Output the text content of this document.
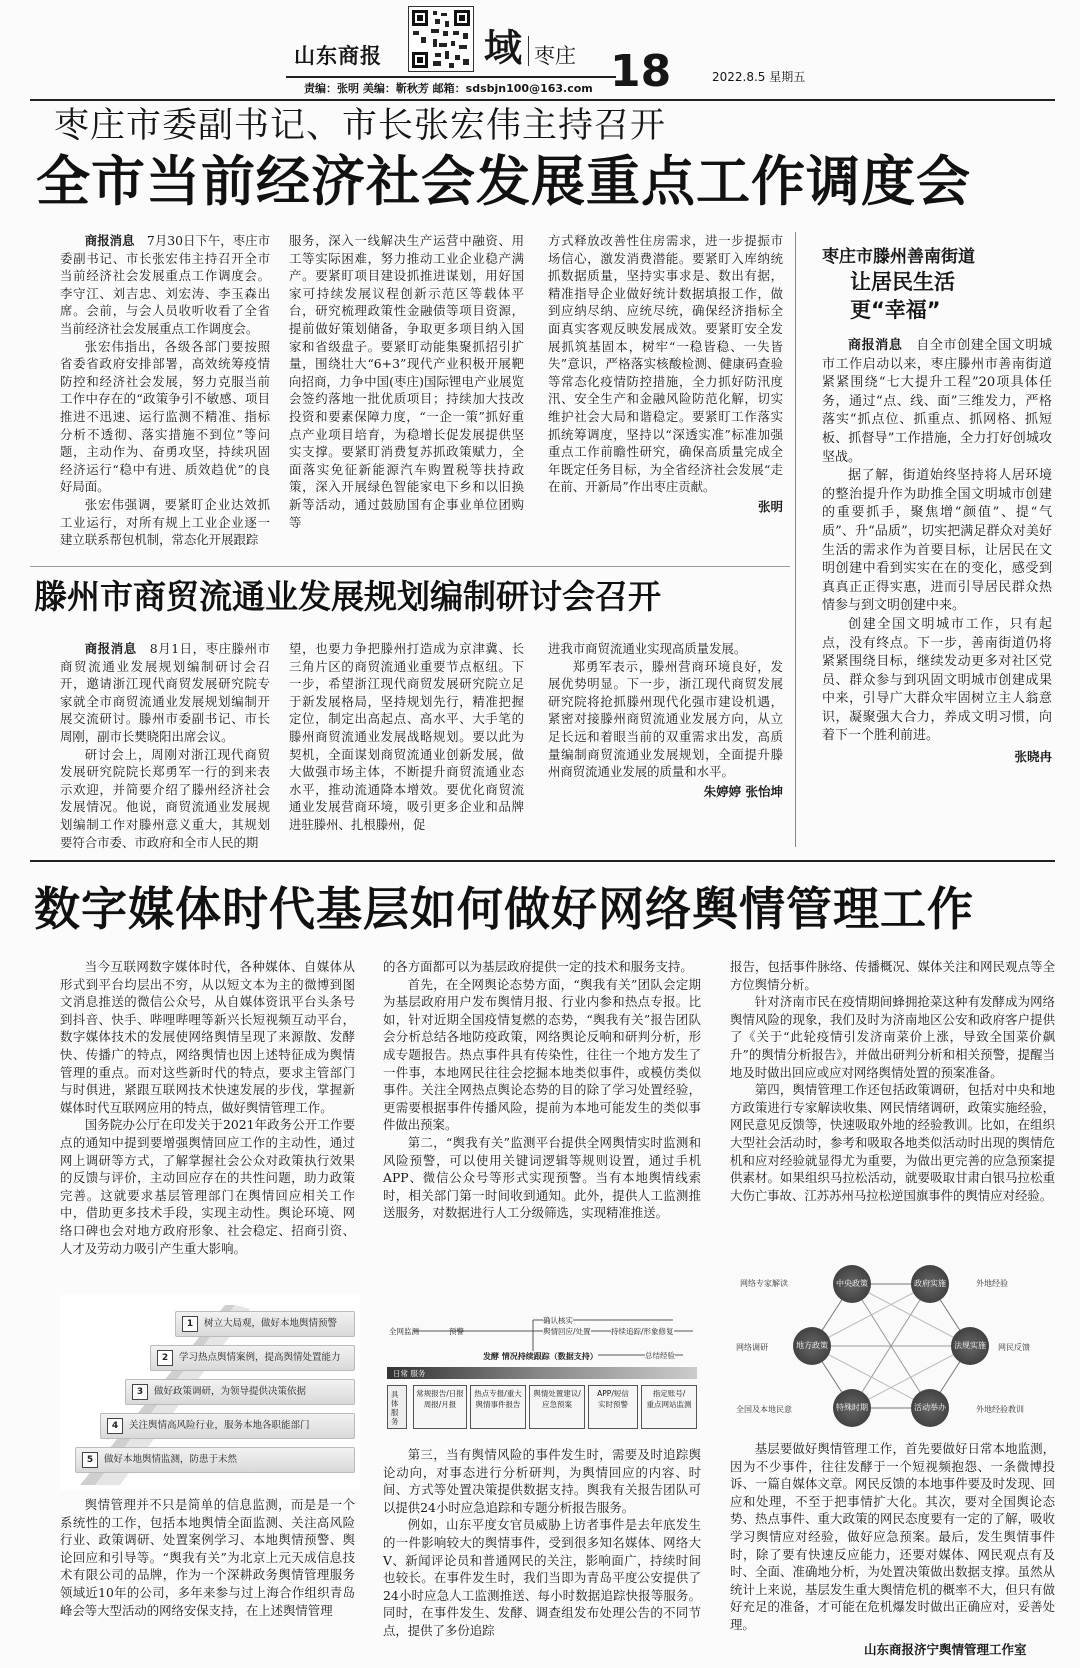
山东商报	域 枣庄
责编：张明 美编：靳秋芳 邮箱：sdsbjn100@163.com 18	2022.8.5 星期五
枣庄市委副书记、市长张宏伟主持召开
全市当前经济社会发展重点工作调度会

商报消息　7月30日下午，枣庄市委副书记、市长张宏伟主持召开全市当前经济社会发展重点工作调度会。李守江、刘吉忠、刘宏涛、李玉森出席。会前，与会人员收听收看了全省当前经济社会发展重点工作调度会。

张宏伟指出，各级各部门要按照省委省政府安排部署，高效统筹疫情防控和经济社会发展，努力克服当前工作中存在的“政策争引不敏感、项目推进不迅速、运行监测不精准、指标分析不透彻、落实措施不到位”等问题，主动作为、奋勇攻坚，持续巩固经济运行“稳中有进、质效趋优”的良好局面。

张宏伟强调，要紧盯企业达效抓工业运行，对所有规上工业企业逐一建立联系帮包机制，常态化开展跟踪

服务，深入一线解决生产运营中融资、用工等实际困难，努力推动工业企业稳产满产。要紧盯项目建设抓推进谋划，用好国家可持续发展议程创新示范区等载体平台，研究梳理政策性金融债等项目资源，提前做好策划储备，争取更多项目纳入国家和省级盘子。要紧盯动能集聚抓招引扩量，围绕壮大“6+3”现代产业积极开展靶向招商，力争中国(枣庄)国际锂电产业展览会签约落地一批优质项目；持续加大技改投资和要素保障力度，“一企一策”抓好重点产业项目培育，为稳增长促发展提供坚实支撑。要紧盯消费复苏抓政策赋力，全面落实免征新能源汽车购置税等扶持政策，深入开展绿色智能家电下乡和以旧换新等活动，通过鼓励国有企事业单位团购等

方式释放改善性住房需求，进一步提振市场信心，激发消费潜能。要紧盯入库纳统抓数据质量，坚持实事求是、数出有据，精准指导企业做好统计数据填报工作，做到应纳尽纳、应统尽统，确保经济指标全面真实客观反映发展成效。要紧盯安全发展抓筑基固本，树牢“一稳皆稳、一失皆失”意识，严格落实核酸检测、健康码查验等常态化疫情防控措施，全力抓好防汛度汛、安全生产和金融风险防范化解，切实维护社会大局和谐稳定。要紧盯工作落实抓统筹调度，坚持以“深透实准”标准加强重点工作前瞻性研究，确保高质量完成全年既定任务目标，为全省经济社会发展“走在前、开新局”作出枣庄贡献。

张明
枣庄市滕州善南街道
让居民生活
更“幸福”

商报消息　自全市创建全国文明城市工作启动以来，枣庄滕州市善南街道紧紧围绕“七大提升工程”20项具体任务，通过“点、线、面”三维发力，严格落实“抓点位、抓重点、抓网格、抓短板、抓督导”工作措施，全力打好创城攻坚战。

据了解，街道始终坚持将人居环境的整治提升作为助推全国文明城市创建的重要抓手，聚焦增“颜值”、提“气质”、升“品质”，切实把满足群众对美好生活的需求作为首要目标，让居民在文明创建中看到实实在在的变化，感受到真真正正得实惠，进而引导居民群众热情参与到文明创建中来。

创建全国文明城市工作，只有起点，没有终点。下一步，善南街道仍将紧紧围绕目标，继续发动更多对社区党员、群众参与到巩固文明城市创建成果中来，引导广大群众牢固树立主人翁意识，凝聚强大合力，养成文明习惯，向着下一个胜利前进。

张晓冉
滕州市商贸流通业发展规划编制研讨会召开

商报消息　8月1日，枣庄滕州市商贸流通业发展规划编制研讨会召开，邀请浙江现代商贸发展研究院专家就全市商贸流通业发展规划编制开展交流研讨。滕州市委副书记、市长周刚，副市长樊晓阳出席会议。

研讨会上，周刚对浙江现代商贸发展研究院院长郑勇军一行的到来表示欢迎，并简要介绍了滕州经济社会发展情况。他说，商贸流通业发展规划编制工作对滕州意义重大，其规划要符合市委、市政府和全市人民的期

望，也要力争把滕州打造成为京津冀、长三角片区的商贸流通业重要节点枢纽。下一步，希望浙江现代商贸发展研究院立足于新发展格局，坚持规划先行，精准把握定位，制定出高起点、高水平、大手笔的滕州商贸流通业发展战略规划。要以此为契机，全面谋划商贸流通业创新发展，做大做强市场主体，不断提升商贸流通业态水平，推动流通降本增效。要优化商贸流通业发展营商环境，吸引更多企业和品牌进驻滕州、扎根滕州，促

进我市商贸流通业实现高质量发展。

郑勇军表示，滕州营商环境良好，发展优势明显。下一步，浙江现代商贸发展研究院将抢抓滕州现代化强市建设机遇，紧密对接滕州商贸流通业发展方向，从立足长远和着眼当前的双重需求出发，高质量编制商贸流通业发展规划，全面提升滕州商贸流通业发展的质量和水平。

朱婷婷 张怡坤
数字媒体时代基层如何做好网络舆情管理工作

当今互联网数字媒体时代，各种媒体、自媒体从形式到平台均层出不穷，从以短文本为主的微博到图文消息推送的微信公众号，从自媒体资讯平台头条号到抖音、快手、哔哩哔哩等新兴长短视频互动平台，数字媒体技术的发展使网络舆情呈现了来源散、发酵快、传播广的特点，网络舆情也因上述特征成为舆情管理的重点。而对这些新时代的特点，要求主管部门与时俱进，紧跟互联网技术快速发展的步伐，掌握新媒体时代互联网应用的特点，做好舆情管理工作。

国务院办公厅在印发关于2021年政务公开工作要点的通知中提到要增强舆情回应工作的主动性，通过网上调研等方式，了解掌握社会公众对政策执行效果的反馈与评价，主动回应存在的共性问题，助力政策完善。这就要求基层管理部门在舆情回应相关工作中，借助更多技术手段，实现主动性。舆论环境、网络口碑也会对地方政府形象、社会稳定、招商引资、人才及劳动力吸引产生重大影响。

的各方面都可以为基层政府提供一定的技术和服务支持。

首先，在全网舆论态势方面，“舆我有关”团队会定期为基层政府用户发布舆情月报、行业内参和热点专报。比如，针对近期全国疫情复燃的态势，“舆我有关”报告团队会分析总结各地防疫政策，网络舆论反响和研判分析，形成专题报告。热点事件具有传染性，往往一个地方发生了一件事，本地网民往往会挖掘本地类似事件，或模仿类似事件。关注全网热点舆论态势的目的除了学习处置经验，更需要根据事件传播风险，提前为本地可能发生的类似事件做出预案。

第二，“舆我有关”监测平台提供全网舆情实时监测和风险预警，可以使用关键词逻辑等规则设置，通过手机APP、微信公众号等形式实现预警。当有本地舆情线索时，相关部门第一时间收到通知。此外，提供人工监测推送服务，对数据进行人工分级筛选，实现精准推送。

报告，包括事件脉络、传播概况、媒体关注和网民观点等全方位舆情分析。

针对济南市民在疫情期间蜂拥抢菜这种有发酵成为网络舆情风险的现象，我们及时为济南地区公安和政府客户提供了《关于“此轮疫情引发济南菜价上涨，导致全国菜价飙升”的舆情分析报告》，并做出研判分析和相关预警，提醒当地及时做出回应或应对网络舆情处置的预案准备。

第四，舆情管理工作还包括政策调研，包括对中央和地方政策进行专家解读收集、网民情绪调研，政策实施经验，网民意见反馈等，快速吸取外地的经验教训。比如，在组织大型社会活动时，参考和吸取各地类似活动时出现的舆情危机和应对经验就显得尤为重要，为做出更完善的应急预案提供素材。如果组织马拉松活动，就要吸取甘肃白银马拉松重大伤亡事故、江苏苏州马拉松逆国旗事件的舆情应对经验。

1	树立大局观，做好本地舆情预警
2	学习热点舆情案例，提高舆情处置能力
3	做好政策调研，为领导提供决策依据
4	关注舆情高风险行业，服务本地各职能部门
5	做好本地舆情监测，防患于未然

舆情管理并不只是简单的信息监测，而是是一个系统性的工作，包括本地舆情全面监测、关注高风险行业、政策调研、处置案例学习、本地舆情预警、舆论回应和引导等。“舆我有关”为北京上元天成信息技术有限公司的品牌，作为一个深耕政务舆情管理服务领域近10年的公司，多年来参与过上海合作组织青岛峰会等大型活动的网络安保支持，在上述舆情管理

全网监测	预警
确认核实
舆情回应/处置	持续追踪/形象修复
总结经验
发酵 情况持续跟踪（数据支持）
日常 服务
具体服务
常规报告/日报
周报/月报
热点专报/重大
舆情事件报告
舆情处置建议/
应急预案
APP/短信
实时预警
指定账号/
重点网站监测

第三，当有舆情风险的事件发生时，需要及时追踪舆论动向，对事态进行分析研判，为舆情回应的内容、时间、方式等处置决策提供数据支持。舆我有关报告团队可以提供24小时应急追踪和专题分析报告服务。

例如，山东平度女官员威胁上访者事件是去年底发生的一件影响较大的舆情事件，受到很多知名媒体、网络大V、新闻评论员和普通网民的关注，影响面广，持续时间也较长。在事件发生时，我们当即为青岛平度公安提供了24小时应急人工监测推送、每小时数据追踪快报等服务。同时，在事件发生、发酵、调查组发布处理公告的不同节点，提供了多份追踪

中央政策
地方政策
特殊时期
法规实施
政府实施
活动举办
网络专家解读	外地经验
网络调研	网民反馈
全国及本地民意	外地经验教训

基层要做好舆情管理工作，首先要做好日常本地监测，因为不少事件，往往发酵于一个短视频抱怨、一条微博投诉、一篇自媒体文章。网民反馈的本地事件要及时发现、回应和处理，不至于把事情扩大化。其次，要对全国舆论态势、热点事件、重大政策的网民态度要有一定的了解，吸收学习舆情应对经验，做好应急预案。最后，发生舆情事件时，除了要有快速反应能力，还要对媒体、网民观点有及时、全面、准确地分析，为处置决策做出数据支撑。虽然从统计上来说，基层发生重大舆情危机的概率不大，但只有做好充足的准备，才可能在危机爆发时做出正确应对，妥善处理。

山东商报济宁舆情管理工作室
